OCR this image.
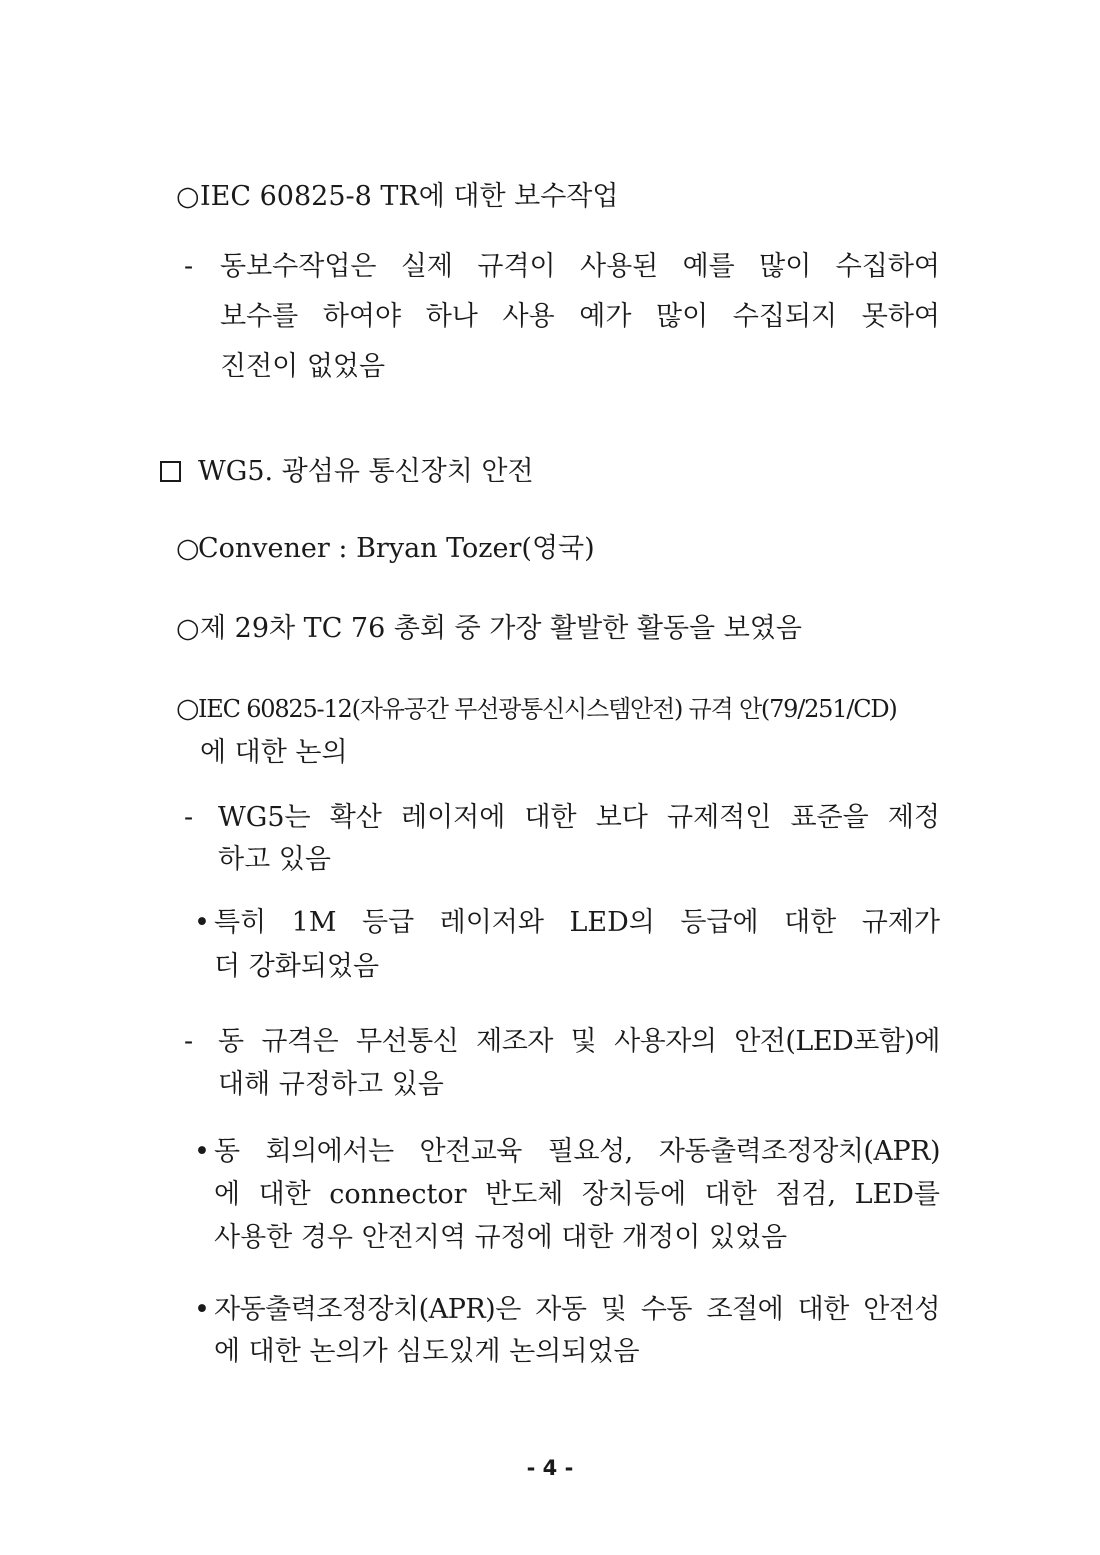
○ IEC 60825-8 TR에 대한 보수작업
- 동보수작업은 실제 규격이 사용된 예를 많이 수집하여
보수를 하여야 하나 사용 예가 많이 수집되지 못하여
진전이 없었음
WG5. 광섬유 통신장치 안전
○
Convener : Bryan Tozer(영국)
○ 제 29차 TC 76 총회 중 가장 활발한 활동을 보였음
○
IEC 60825-12(자유공간 무선광통신시스템안전) 규격 안(79/251/CD)
에 대한 논의
- WG5는 확산 레이저에 대한 보다 규제적인 표준을 제정
하고 있음
• 특히 1M 등급 레이저와 LED의 등급에 대한 규제가
더 강화되었음
- 동 규격은 무선통신 제조자 및 사용자의 안전(LED포함)에
대해 규정하고 있음
• 동 회의에서는 안전교육 필요성, 자동출력조정장치(APR)
에 대한 connector 반도체 장치등에 대한 점검, LED를
사용한 경우 안전지역 규정에 대한 개정이 있었음
• 자동출력조정장치(APR)은 자동 및 수동 조절에 대한 안전성
에 대한 논의가 심도있게 논의되었음
- 4 -
